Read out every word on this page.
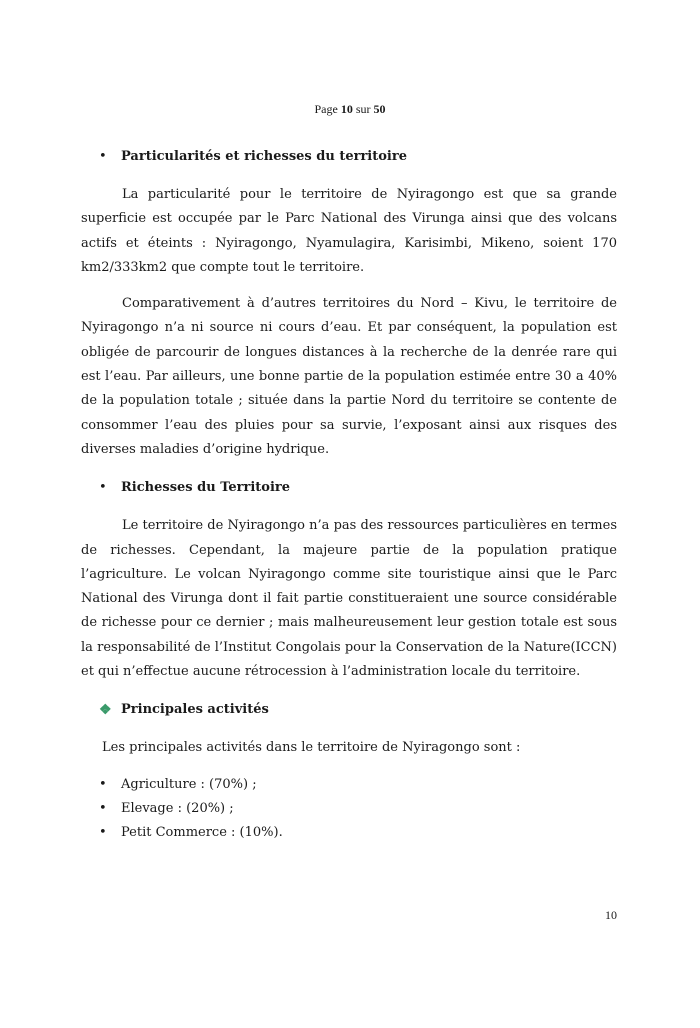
Page 10 sur 50
•	Particularités et richesses du territoire

La particularité pour le territoire de Nyiragongo est que sa grande superficie est occupée par le Parc National des Virunga ainsi que des volcans actifs et éteints : Nyiragongo, Nyamulagira, Karisimbi, Mikeno, soient 170 km2/333km2 que compte tout le territoire.

Comparativement à d’autres territoires du Nord – Kivu, le territoire de Nyiragongo n’a ni source ni cours d’eau. Et par conséquent, la population est obligée de parcourir de longues distances à la recherche de la denrée rare qui est l’eau. Par ailleurs, une bonne partie de la population estimée entre 30 a 40% de la population totale ; située dans la partie Nord du territoire se contente de consommer l’eau des pluies pour sa survie, l’exposant ainsi aux risques des diverses maladies d’origine hydrique.

•	Richesses du Territoire

Le territoire de Nyiragongo n’a pas des ressources particulières en termes de richesses. Cependant, la majeure partie de la population pratique l’agriculture. Le volcan Nyiragongo comme site touristique ainsi que le Parc National des Virunga dont il fait partie constitueraient une source considérable de richesse pour ce dernier ; mais malheureusement leur gestion totale est sous la responsabilité de l’Institut Congolais pour la Conservation de la Nature(ICCN) et qui n’effectue aucune rétrocession à l’administration locale du territoire.

❖ Principales activités
Les principales activités dans le territoire de Nyiragongo sont :
•	Agriculture : (70%) ;
•	Elevage : (20%) ;
•	Petit Commerce : (10%).
10
